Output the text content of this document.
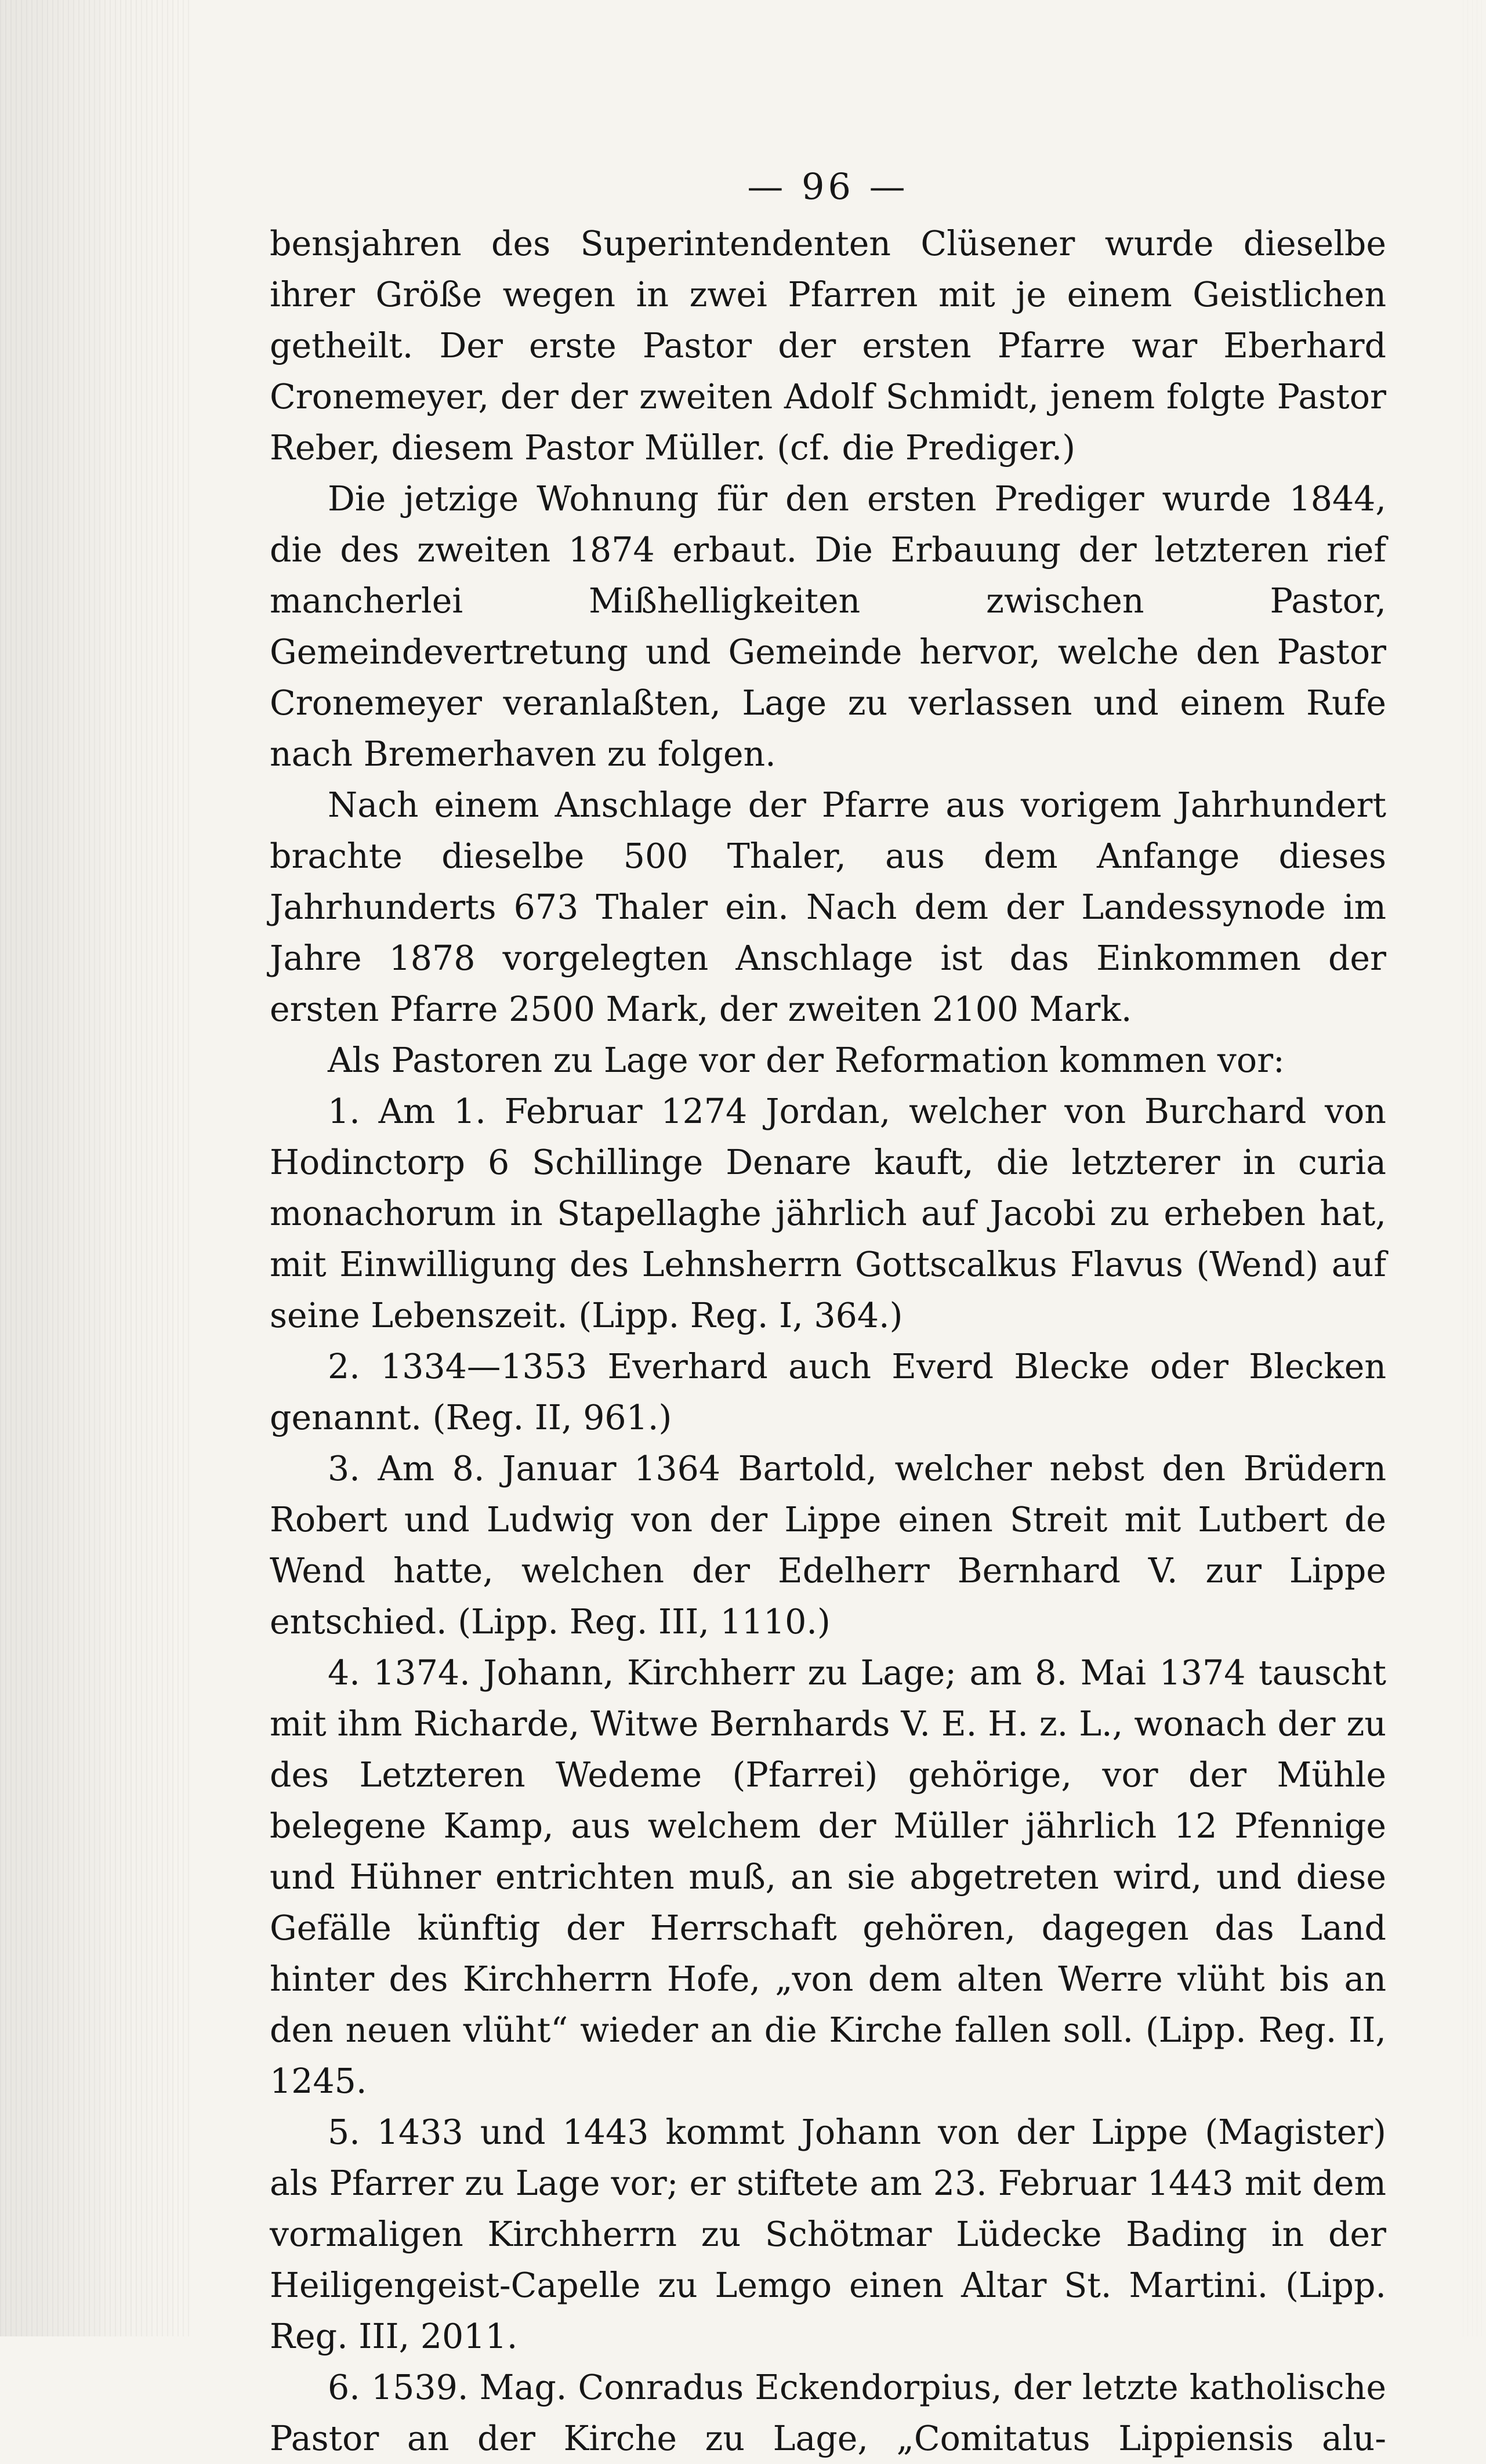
— 96 —

bensjahren des Superintendenten Clüsener wurde dieselbe ihrer Größe wegen in zwei Pfarren mit je einem Geistlichen getheilt. Der erste Pastor der ersten Pfarre war Eberhard Cronemeyer, der der zweiten Adolf Schmidt, jenem folgte Pastor Reber, diesem Pastor Müller. (cf. die Prediger.)

Die jetzige Wohnung für den ersten Prediger wurde 1844, die des zweiten 1874 erbaut. Die Erbauung der letzteren rief mancherlei Mißhelligkeiten zwischen Pastor, Gemeindevertretung und Gemeinde hervor, welche den Pastor Cronemeyer veranlaßten, Lage zu verlassen und einem Rufe nach Bremerhaven zu folgen.

Nach einem Anschlage der Pfarre aus vorigem Jahrhundert brachte dieselbe 500 Thaler, aus dem Anfange dieses Jahrhunderts 673 Thaler ein. Nach dem der Landessynode im Jahre 1878 vorgelegten Anschlage ist das Einkommen der ersten Pfarre 2500 Mark, der zweiten 2100 Mark.

Als Pastoren zu Lage vor der Reformation kommen vor:

1. Am 1. Februar 1274 Jordan, welcher von Burchard von Hodinctorp 6 Schillinge Denare kauft, die letzterer in curia monachorum in Stapellaghe jährlich auf Jacobi zu erheben hat, mit Einwilligung des Lehnsherrn Gottscalkus Flavus (Wend) auf seine Lebenszeit. (Lipp. Reg. I, 364.)

2. 1334—1353 Everhard auch Everd Blecke oder Blecken genannt. (Reg. II, 961.)

3. Am 8. Januar 1364 Bartold, welcher nebst den Brüdern Robert und Ludwig von der Lippe einen Streit mit Lutbert de Wend hatte, welchen der Edelherr Bernhard V. zur Lippe entschied. (Lipp. Reg. III, 1110.)

4. 1374. Johann, Kirchherr zu Lage; am 8. Mai 1374 tauscht mit ihm Richarde, Witwe Bernhards V. E. H. z. L., wonach der zu des Letzteren Wedeme (Pfarrei) gehörige, vor der Mühle belegene Kamp, aus welchem der Müller jährlich 12 Pfennige und Hühner entrichten muß, an sie abgetreten wird, und diese Gefälle künftig der Herrschaft gehören, dagegen das Land hinter des Kirchherrn Hofe, „von dem alten Werre vlüht bis an den neuen vlüht“ wieder an die Kirche fallen soll. (Lipp. Reg. II, 1245.

5. 1433 und 1443 kommt Johann von der Lippe (Magister) als Pfarrer zu Lage vor; er stiftete am 23. Februar 1443 mit dem vormaligen Kirchherrn zu Schötmar Lüdecke Bading in der Heiligengeist-Capelle zu Lemgo einen Altar St. Martini. (Lipp. Reg. III, 2011.

6. 1539. Mag. Conradus Eckendorpius, der letzte katholische Pastor an der Kirche zu Lage, „Comitatus Lippiensis alu-
